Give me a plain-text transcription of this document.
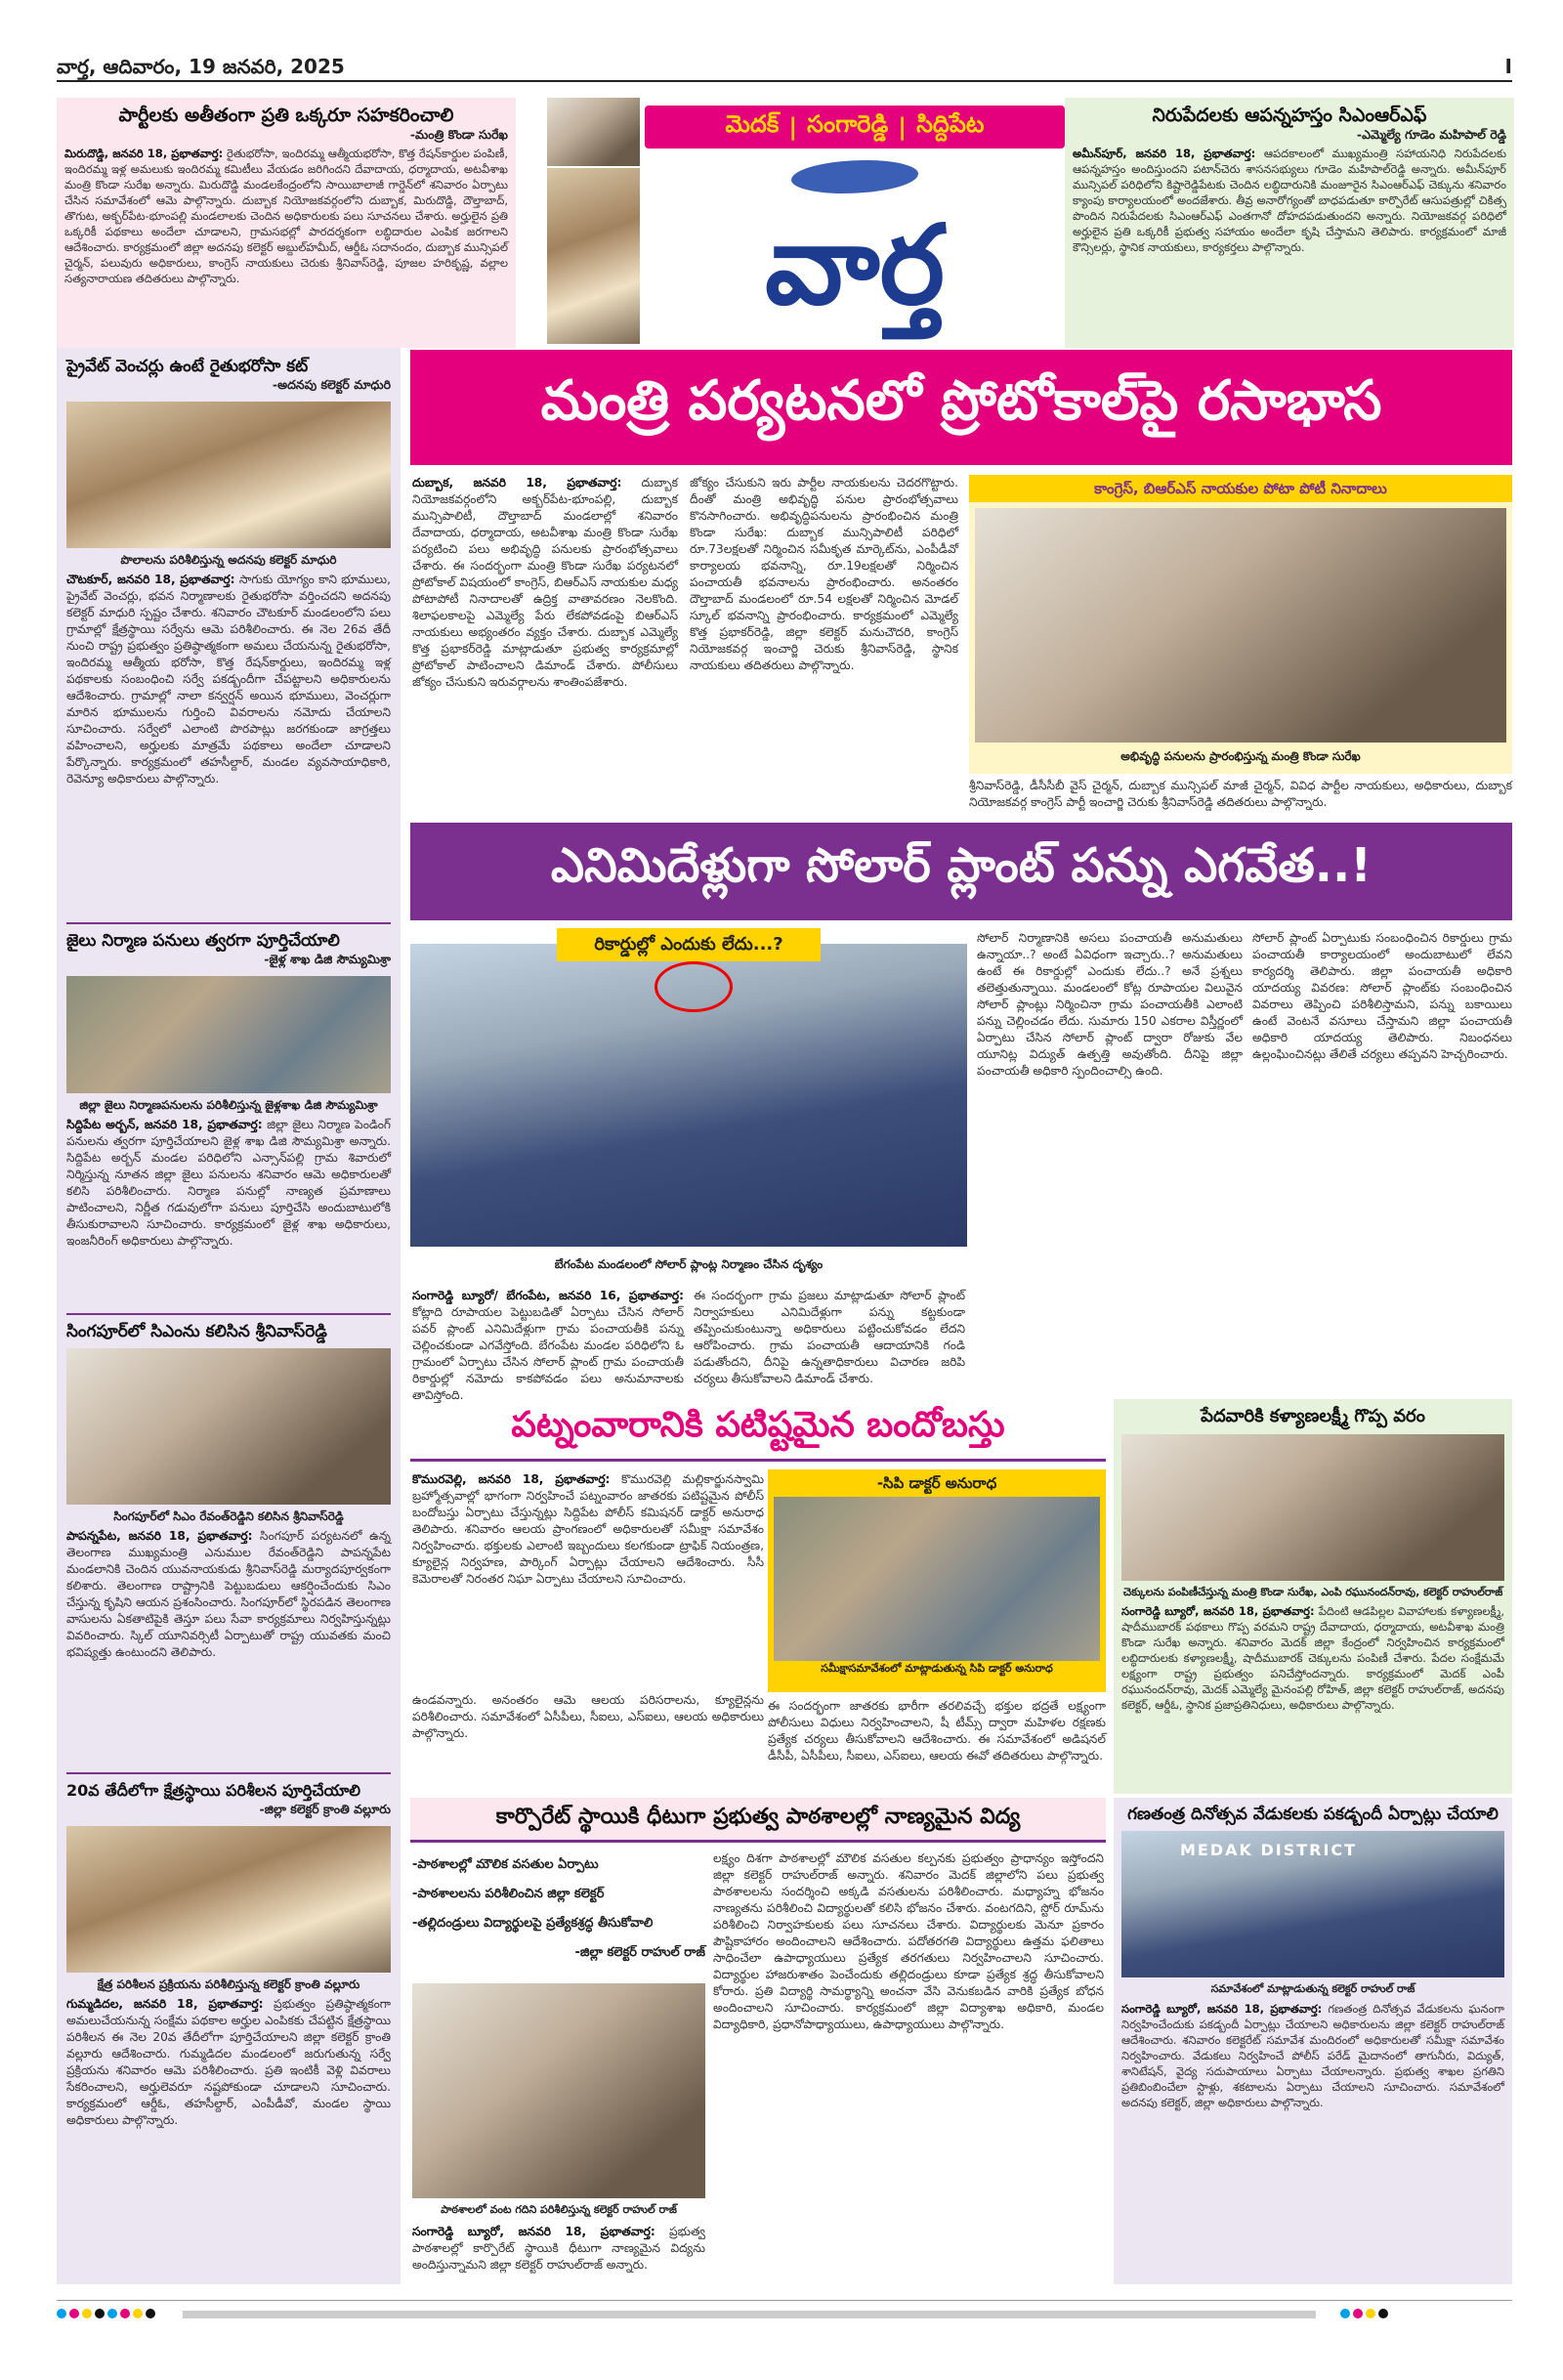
వార్త, ఆదివారం, 19 జనవరి, 2025	I
పార్టీలకు అతీతంగా ప్రతి ఒక్కరూ సహకరించాలి
-మంత్రి కొండా సురేఖ
మిరుదొడ్డి, జనవరి 18, ప్రభాతవార్త: రైతుభరోసా, ఇందిరమ్మ ఆత్మీయభరోసా, కొత్త రేషన్‌కార్డుల పంపిణీ, ఇందిరమ్మ ఇళ్ల అమలుకు ఇందిరమ్మ కమిటీలు వేయడం జరిగిందని దేవాదాయ, ధర్మాదాయ, అటవీశాఖ మంత్రి కొండా సురేఖ అన్నారు. మిరుదొడ్డి మండలకేంద్రంలోని సాయిబాలాజీ గార్డెన్‌లో శనివారం ఏర్పాటు చేసిన సమావేశంలో ఆమె పాల్గొన్నారు. దుబ్బాక నియోజకవర్గంలోని దుబ్బాక, మిరుదొడ్డి, దౌల్తాబాద్, తొగుట, అక్బర్‌పేట-భూంపల్లి మండలాలకు చెందిన అధికారులకు పలు సూచనలు చేశారు. అర్హులైన ప్రతి ఒక్కరికీ పథకాలు అందేలా చూడాలని, గ్రామసభల్లో పారదర్శకంగా లబ్ధిదారుల ఎంపిక జరగాలని ఆదేశించారు. కార్యక్రమంలో జిల్లా అదనపు కలెక్టర్ అబ్దుల్‌హమీద్, ఆర్డీఓ సదానందం, దుబ్బాక మున్సిపల్ చైర్మన్, పలువురు అధికారులు, కాంగ్రెస్ నాయకులు చెరుకు శ్రీనివాస్‌రెడ్డి, పూజల హరికృష్ణ, వల్లాల సత్యనారాయణ తదితరులు పాల్గొన్నారు.
మెదక్ | సంగారెడ్డి | సిద్దిపేట
వార్త
నిరుపేదలకు ఆపన్నహస్తం సిఎంఆర్ఎఫ్
-ఎమ్మెల్యే గూడెం మహిపాల్ రెడ్డి
అమీన్‌పూర్, జనవరి 18, ప్రభాతవార్త: ఆపదకాలంలో ముఖ్యమంత్రి సహాయనిధి నిరుపేదలకు ఆపన్నహస్తం అందిస్తుందని పటాన్‌చెరు శాసనసభ్యులు గూడెం మహిపాల్‌రెడ్డి అన్నారు. అమీన్‌పూర్ మున్సిపల్ పరిధిలోని కిష్టారెడ్డిపేటకు చెందిన లబ్ధిదారునికి మంజూరైన సిఎంఆర్ఎఫ్ చెక్కును శనివారం క్యాంపు కార్యాలయంలో అందజేశారు. తీవ్ర అనారోగ్యంతో బాధపడుతూ కార్పొరేట్ ఆసుపత్రుల్లో చికిత్స పొందిన నిరుపేదలకు సిఎంఆర్ఎఫ్ ఎంతగానో దోహదపడుతుందని అన్నారు. నియోజకవర్గ పరిధిలో అర్హులైన ప్రతి ఒక్కరికీ ప్రభుత్వ సహాయం అందేలా కృషి చేస్తామని తెలిపారు. కార్యక్రమంలో మాజీ కౌన్సిలర్లు, స్థానిక నాయకులు, కార్యకర్తలు పాల్గొన్నారు.
ప్రైవేట్ వెంచర్లు ఉంటే రైతుభరోసా కట్
-అదనపు కలెక్టర్ మాధురి
పొలాలను పరిశీలిస్తున్న అదనపు కలెక్టర్ మాధురి
చౌటకూర్, జనవరి 18, ప్రభాతవార్త: సాగుకు యోగ్యం కాని భూములు, ప్రైవేట్ వెంచర్లు, భవన నిర్మాణాలకు రైతుభరోసా వర్తించదని అదనపు కలెక్టర్ మాధురి స్పష్టం చేశారు. శనివారం చౌటకూర్ మండలంలోని పలు గ్రామాల్లో క్షేత్రస్థాయి సర్వేను ఆమె పరిశీలించారు. ఈ నెల 26వ తేదీ నుంచి రాష్ట్ర ప్రభుత్వం ప్రతిష్ఠాత్మకంగా అమలు చేయనున్న రైతుభరోసా, ఇందిరమ్మ ఆత్మీయ భరోసా, కొత్త రేషన్‌కార్డులు, ఇందిరమ్మ ఇళ్ల పథకాలకు సంబంధించి సర్వే పకడ్బందీగా చేపట్టాలని అధికారులను ఆదేశించారు. గ్రామాల్లో నాలా కన్వర్షన్ అయిన భూములు, వెంచర్లుగా మారిన భూములను గుర్తించి వివరాలను నమోదు చేయాలని సూచించారు. సర్వేలో ఎలాంటి పొరపాట్లు జరగకుండా జాగ్రత్తలు వహించాలని, అర్హులకు మాత్రమే పథకాలు అందేలా చూడాలని పేర్కొన్నారు. కార్యక్రమంలో తహసీల్దార్, మండల వ్యవసాయాధికారి, రెవెన్యూ అధికారులు పాల్గొన్నారు.
జైలు నిర్మాణ పనులు త్వరగా పూర్తిచేయాలి
-జైళ్ల శాఖ డిజి సౌమ్యమిశ్రా
జిల్లా జైలు నిర్మాణపనులను పరిశీలిస్తున్న జైళ్లశాఖ డిజి సౌమ్యమిశ్రా
సిద్దిపేట అర్బన్, జనవరి 18, ప్రభాతవార్త: జిల్లా జైలు నిర్మాణ పెండింగ్ పనులను త్వరగా పూర్తిచేయాలని జైళ్ల శాఖ డిజి సౌమ్యమిశ్రా అన్నారు. సిద్దిపేట అర్బన్ మండల పరిధిలోని ఎన్సాన్‌పల్లి గ్రామ శివారులో నిర్మిస్తున్న నూతన జిల్లా జైలు పనులను శనివారం ఆమె అధికారులతో కలిసి పరిశీలించారు. నిర్మాణ పనుల్లో నాణ్యత ప్రమాణాలు పాటించాలని, నిర్ణీత గడువులోగా పనులు పూర్తిచేసి అందుబాటులోకి తీసుకురావాలని సూచించారు. కార్యక్రమంలో జైళ్ల శాఖ అధికారులు, ఇంజనీరింగ్ అధికారులు పాల్గొన్నారు.
సింగపూర్‌లో సిఎంను కలిసిన శ్రీనివాస్‌రెడ్డి
సింగపూర్‌లో సిఎం రేవంత్‌రెడ్డిని కలిసిన శ్రీనివాస్‌రెడ్డి
పాపన్నపేట, జనవరి 18, ప్రభాతవార్త: సింగపూర్ పర్యటనలో ఉన్న తెలంగాణ ముఖ్యమంత్రి ఎనుముల రేవంత్‌రెడ్డిని పాపన్నపేట మండలానికి చెందిన యువనాయకుడు శ్రీనివాస్‌రెడ్డి మర్యాదపూర్వకంగా కలిశారు. తెలంగాణ రాష్ట్రానికి పెట్టుబడులు ఆకర్షించేందుకు సిఎం చేస్తున్న కృషిని ఆయన ప్రశంసించారు. సింగపూర్‌లో స్థిరపడిన తెలంగాణ వాసులను ఏకతాటిపైకి తెస్తూ పలు సేవా కార్యక్రమాలు నిర్వహిస్తున్నట్లు వివరించారు. స్కిల్ యూనివర్సిటీ ఏర్పాటుతో రాష్ట్ర యువతకు మంచి భవిష్యత్తు ఉంటుందని తెలిపారు.
20వ తేదీలోగా క్షేత్రస్థాయి పరిశీలన పూర్తిచేయాలి
-జిల్లా కలెక్టర్ క్రాంతి వల్లూరు
క్షేత్ర పరిశీలన ప్రక్రియను పరిశీలిస్తున్న కలెక్టర్ క్రాంతి వల్లూరు
గుమ్మడిదల, జనవరి 18, ప్రభాతవార్త: ప్రభుత్వం ప్రతిష్ఠాత్మకంగా అమలుచేయనున్న సంక్షేమ పథకాల అర్హుల ఎంపికకు చేపట్టిన క్షేత్రస్థాయి పరిశీలన ఈ నెల 20వ తేదీలోగా పూర్తిచేయాలని జిల్లా కలెక్టర్ క్రాంతి వల్లూరు ఆదేశించారు. గుమ్మడిదల మండలంలో జరుగుతున్న సర్వే ప్రక్రియను శనివారం ఆమె పరిశీలించారు. ప్రతి ఇంటికీ వెళ్లి వివరాలు సేకరించాలని, అర్హులెవరూ నష్టపోకుండా చూడాలని సూచించారు. కార్యక్రమంలో ఆర్డీఓ, తహసీల్దార్, ఎంపీడీవో, మండల స్థాయి అధికారులు పాల్గొన్నారు.
మంత్రి పర్యటనలో ప్రోటోకాల్‌పై రసాభాస
దుబ్బాక, జనవరి 18, ప్రభాతవార్త: దుబ్బాక నియోజకవర్గంలోని అక్బర్‌పేట-భూంపల్లి, దుబ్బాక మున్సిపాలిటీ, దౌల్తాబాద్ మండలాల్లో శనివారం దేవాదాయ, ధర్మాదాయ, అటవీశాఖ మంత్రి కొండా సురేఖ పర్యటించి పలు అభివృద్ధి పనులకు ప్రారంభోత్సవాలు చేశారు. ఈ సందర్భంగా మంత్రి కొండా సురేఖ పర్యటనలో ప్రోటోకాల్ విషయంలో కాంగ్రెస్, బిఆర్ఎస్ నాయకుల మధ్య పోటాపోటీ నినాదాలతో ఉద్రిక్త వాతావరణం నెలకొంది. శిలాఫలకాలపై ఎమ్మెల్యే పేరు లేకపోవడంపై బిఆర్ఎస్ నాయకులు అభ్యంతరం వ్యక్తం చేశారు. దుబ్బాక ఎమ్మెల్యే కొత్త ప్రభాకర్‌రెడ్డి మాట్లాడుతూ ప్రభుత్వ కార్యక్రమాల్లో ప్రోటోకాల్ పాటించాలని డిమాండ్ చేశారు. పోలీసులు జోక్యం చేసుకుని ఇరువర్గాలను శాంతింపజేశారు.
జోక్యం చేసుకుని ఇరు పార్టీల నాయకులను చెదరగొట్టారు. దీంతో మంత్రి అభివృద్ధి పనుల ప్రారంభోత్సవాలు కొనసాగించారు. అభివృద్ధిపనులను ప్రారంభించిన మంత్రి కొండా సురేఖ: దుబ్బాక మున్సిపాలిటీ పరిధిలో రూ.73లక్షలతో నిర్మించిన సమీకృత మార్కెట్‌ను, ఎంపీడీవో కార్యాలయ భవనాన్ని, రూ.19లక్షలతో నిర్మించిన పంచాయతీ భవనాలను ప్రారంభించారు. అనంతరం దౌల్తాబాద్ మండలంలో రూ.54 లక్షలతో నిర్మించిన మోడల్ స్కూల్ భవనాన్ని ప్రారంభించారు. కార్యక్రమంలో ఎమ్మెల్యే కొత్త ప్రభాకర్‌రెడ్డి, జిల్లా కలెక్టర్ మనుచౌదరి, కాంగ్రెస్ నియోజకవర్గ ఇంచార్జి చెరుకు శ్రీనివాస్‌రెడ్డి, స్థానిక నాయకులు తదితరులు పాల్గొన్నారు.
కాంగ్రెస్, బిఆర్ఎస్ నాయకుల పోటా పోటీ నినాదాలు
అభివృద్ధి పనులను ప్రారంభిస్తున్న మంత్రి కొండా సురేఖ
శ్రీనివాస్‌రెడ్డి, డీసీసీబీ వైస్ చైర్మన్, దుబ్బాక మున్సిపల్ మాజీ చైర్మన్, వివిధ పార్టీల నాయకులు, అధికారులు, దుబ్బాక నియోజకవర్గ కాంగ్రెస్ పార్టీ ఇంచార్జి చెరుకు శ్రీనివాస్‌రెడ్డి తదితరులు పాల్గొన్నారు.
ఎనిమిదేళ్లుగా సోలార్ ప్లాంట్ పన్ను ఎగవేత..!
రికార్డుల్లో ఎందుకు లేదు...?
బేగంపేట మండలంలో సోలార్ ప్లాంట్ల నిర్మాణం చేసిన దృశ్యం
సంగారెడ్డి బ్యూరో/ బేగంపేట, జనవరి 16, ప్రభాతవార్త: కోట్లాది రూపాయల పెట్టుబడితో ఏర్పాటు చేసిన సోలార్ పవర్ ప్లాంట్ ఎనిమిదేళ్లుగా గ్రామ పంచాయతీకి పన్ను చెల్లించకుండా ఎగవేస్తోంది. బేగంపేట మండల పరిధిలోని ఓ గ్రామంలో ఏర్పాటు చేసిన సోలార్ ప్లాంట్ గ్రామ పంచాయతీ రికార్డుల్లో నమోదు కాకపోవడం పలు అనుమానాలకు తావిస్తోంది.
ఈ సందర్భంగా గ్రామ ప్రజలు మాట్లాడుతూ సోలార్ ప్లాంట్ నిర్వాహకులు ఎనిమిదేళ్లుగా పన్ను కట్టకుండా తప్పించుకుంటున్నా అధికారులు పట్టించుకోవడం లేదని ఆరోపించారు. గ్రామ పంచాయతీ ఆదాయానికి గండి పడుతోందని, దీనిపై ఉన్నతాధికారులు విచారణ జరిపి చర్యలు తీసుకోవాలని డిమాండ్ చేశారు.
సోలార్ నిర్మాణానికి అసలు పంచాయతీ అనుమతులు ఉన్నాయా..? అంటే ఏవిధంగా ఇచ్చారు..? అనుమతులు ఉంటే ఈ రికార్డుల్లో ఎందుకు లేదు..? అనే ప్రశ్నలు తలెత్తుతున్నాయి. మండలంలో కోట్ల రూపాయల విలువైన సోలార్ ప్లాంట్లు నిర్మించినా గ్రామ పంచాయతీకి ఎలాంటి పన్ను చెల్లించడం లేదు. సుమారు 150 ఎకరాల విస్తీర్ణంలో ఏర్పాటు చేసిన సోలార్ ప్లాంట్ ద్వారా రోజుకు వేల యూనిట్ల విద్యుత్ ఉత్పత్తి అవుతోంది. దీనిపై జిల్లా పంచాయతీ అధికారి స్పందించాల్సి ఉంది.
సోలార్ ప్లాంట్ ఏర్పాటుకు సంబంధించిన రికార్డులు గ్రామ పంచాయతీ కార్యాలయంలో అందుబాటులో లేవని కార్యదర్శి తెలిపారు. జిల్లా పంచాయతీ అధికారి యాదయ్య వివరణ: సోలార్ ప్లాంట్‌కు సంబంధించిన వివరాలు తెప్పించి పరిశీలిస్తామని, పన్ను బకాయిలు ఉంటే వెంటనే వసూలు చేస్తామని జిల్లా పంచాయతీ అధికారి యాదయ్య తెలిపారు. నిబంధనలు ఉల్లంఘించినట్లు తేలితే చర్యలు తప్పవని హెచ్చరించారు.
పట్నంవారానికి పటిష్టమైన బందోబస్తు
కొమురవెల్లి, జనవరి 18, ప్రభాతవార్త: కొమురవెల్లి మల్లికార్జునస్వామి బ్రహ్మోత్సవాల్లో భాగంగా నిర్వహించే పట్నంవారం జాతరకు పటిష్టమైన పోలీస్ బందోబస్తు ఏర్పాటు చేస్తున్నట్లు సిద్దిపేట పోలీస్ కమిషనర్ డాక్టర్ అనురాధ తెలిపారు. శనివారం ఆలయ ప్రాంగణంలో అధికారులతో సమీక్షా సమావేశం నిర్వహించారు. భక్తులకు ఎలాంటి ఇబ్బందులు కలగకుండా ట్రాఫిక్ నియంత్రణ, క్యూలైన్ల నిర్వహణ, పార్కింగ్ ఏర్పాట్లు చేయాలని ఆదేశించారు. సీసీ కెమెరాలతో నిరంతర నిఘా ఏర్పాటు చేయాలని సూచించారు.
-సిపి డాక్టర్ అనురాధ
సమీక్షాసమావేశంలో మాట్లాడుతున్న సిపి డాక్టర్ అనురాధ
ఉండవన్నారు. అనంతరం ఆమె ఆలయ పరిసరాలను, క్యూలైన్లను పరిశీలించారు. సమావేశంలో ఏసీపీలు, సీఐలు, ఎస్ఐలు, ఆలయ అధికారులు పాల్గొన్నారు.
ఈ సందర్భంగా జాతరకు భారీగా తరలివచ్చే భక్తుల భద్రతే లక్ష్యంగా పోలీసులు విధులు నిర్వహించాలని, షీ టీమ్స్ ద్వారా మహిళల రక్షణకు ప్రత్యేక చర్యలు తీసుకోవాలని ఆదేశించారు. ఈ సమావేశంలో అడిషనల్ డీసీపీ, ఏసీపీలు, సీఐలు, ఎస్ఐలు, ఆలయ ఈవో తదితరులు పాల్గొన్నారు.
పేదవారికి కళ్యాణలక్ష్మీ గొప్ప వరం
చెక్కులను పంపిణీచేస్తున్న మంత్రి కొండా సురేఖ, ఎంపి రఘునందన్‌రావు, కలెక్టర్ రాహుల్‌రాజ్
సంగారెడ్డి బ్యూరో, జనవరి 18, ప్రభాతవార్త: పేదింటి ఆడపిల్లల వివాహాలకు కళ్యాణలక్ష్మీ, షాదీముబారక్ పథకాలు గొప్ప వరమని రాష్ట్ర దేవాదాయ, ధర్మాదాయ, అటవీశాఖ మంత్రి కొండా సురేఖ అన్నారు. శనివారం మెదక్ జిల్లా కేంద్రంలో నిర్వహించిన కార్యక్రమంలో లబ్ధిదారులకు కళ్యాణలక్ష్మీ, షాదీముబారక్ చెక్కులను పంపిణీ చేశారు. పేదల సంక్షేమమే లక్ష్యంగా రాష్ట్ర ప్రభుత్వం పనిచేస్తోందన్నారు. కార్యక్రమంలో మెదక్ ఎంపీ రఘునందన్‌రావు, మెదక్ ఎమ్మెల్యే మైనంపల్లి రోహిత్, జిల్లా కలెక్టర్ రాహుల్‌రాజ్, అదనపు కలెక్టర్, ఆర్డీఓ, స్థానిక ప్రజాప్రతినిధులు, అధికారులు పాల్గొన్నారు.
కార్పొరేట్ స్థాయికి ధీటుగా ప్రభుత్వ పాఠశాలల్లో నాణ్యమైన విద్య
-పాఠశాలల్లో మౌలిక వసతుల ఏర్పాటు
-పాఠశాలలను పరిశీలించిన జిల్లా కలెక్టర్
-తల్లిదండ్రులు విద్యార్థులపై ప్రత్యేకశ్రద్ధ తీసుకోవాలి
-జిల్లా కలెక్టర్ రాహుల్ రాజ్
పాఠశాలలో వంట గదిని పరిశీలిస్తున్న కలెక్టర్ రాహుల్ రాజ్
సంగారెడ్డి బ్యూరో, జనవరి 18, ప్రభాతవార్త: ప్రభుత్వ పాఠశాలల్లో కార్పొరేట్ స్థాయికి ధీటుగా నాణ్యమైన విద్యను అందిస్తున్నామని జిల్లా కలెక్టర్ రాహుల్‌రాజ్ అన్నారు.
లక్ష్యం దిశగా పాఠశాలల్లో మౌలిక వసతుల కల్పనకు ప్రభుత్వం ప్రాధాన్యం ఇస్తోందని జిల్లా కలెక్టర్ రాహుల్‌రాజ్ అన్నారు. శనివారం మెదక్ జిల్లాలోని పలు ప్రభుత్వ పాఠశాలలను సందర్శించి అక్కడి వసతులను పరిశీలించారు. మధ్యాహ్న భోజనం నాణ్యతను పరిశీలించి విద్యార్థులతో కలిసి భోజనం చేశారు. వంటగదిని, స్టోర్ రూమ్‌ను పరిశీలించి నిర్వాహకులకు పలు సూచనలు చేశారు. విద్యార్థులకు మెనూ ప్రకారం పౌష్టికాహారం అందించాలని ఆదేశించారు. పదోతరగతి విద్యార్థులు ఉత్తమ ఫలితాలు సాధించేలా ఉపాధ్యాయులు ప్రత్యేక తరగతులు నిర్వహించాలని సూచించారు. విద్యార్థుల హాజరుశాతం పెంచేందుకు తల్లిదండ్రులు కూడా ప్రత్యేక శ్రద్ధ తీసుకోవాలని కోరారు. ప్రతి విద్యార్థి సామర్థ్యాన్ని అంచనా వేసి వెనుకబడిన వారికి ప్రత్యేక బోధన అందించాలని సూచించారు. కార్యక్రమంలో జిల్లా విద్యాశాఖ అధికారి, మండల విద్యాధికారి, ప్రధానోపాధ్యాయులు, ఉపాధ్యాయులు పాల్గొన్నారు.
గణతంత్ర దినోత్సవ వేడుకలకు పకడ్బందీ ఏర్పాట్లు చేయాలి
MEDAK DISTRICT
సమావేశంలో మాట్లాడుతున్న కలెక్టర్ రాహుల్ రాజ్
సంగారెడ్డి బ్యూరో, జనవరి 18, ప్రభాతవార్త: గణతంత్ర దినోత్సవ వేడుకలను ఘనంగా నిర్వహించేందుకు పకడ్బందీ ఏర్పాట్లు చేయాలని అధికారులను జిల్లా కలెక్టర్ రాహుల్‌రాజ్ ఆదేశించారు. శనివారం కలెక్టరేట్ సమావేశ మందిరంలో అధికారులతో సమీక్షా సమావేశం నిర్వహించారు. వేడుకలు నిర్వహించే పోలీస్ పరేడ్ మైదానంలో తాగునీరు, విద్యుత్, శానిటేషన్, వైద్య సదుపాయాలు ఏర్పాటు చేయాలన్నారు. ప్రభుత్వ శాఖల ప్రగతిని ప్రతిబింబించేలా స్టాళ్లు, శకటాలను ఏర్పాటు చేయాలని సూచించారు. సమావేశంలో అదనపు కలెక్టర్, జిల్లా అధికారులు పాల్గొన్నారు.
